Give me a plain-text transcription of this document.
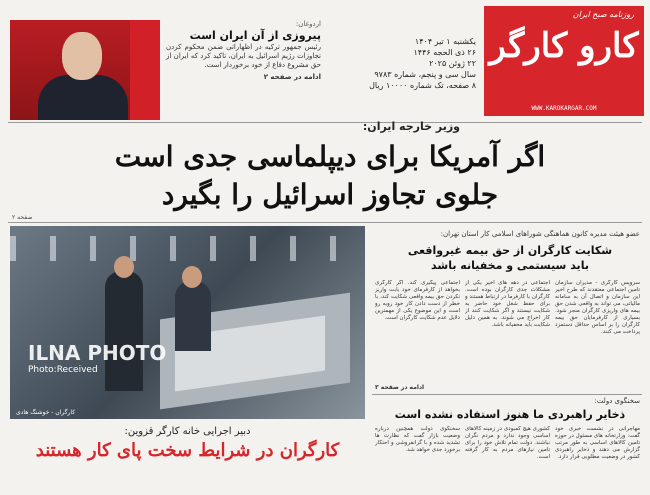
روزنامه صبح ایران
کارو کارگر
WWW.KAROKARGAR.COM
یکشنبه ۱ تیر ۱۴۰۴
۲۶ ذی الحجه ۱۴۴۶
۲۲ ژوئن ۲۰۲۵
سال سی و پنجم، شماره ۹۷۸۳
۸ صفحه، تک شماره ۱۰۰۰۰ ریال
اردوغان:
پیروزی از آن ایران است
رئیس جمهور ترکیه در اظهاراتی ضمن محکوم کردن تجاوزات رژیم اسرائیل به ایران، تاکید کرد که ایران از حق مشروع دفاع از خود برخوردار است.
ادامه در صفحه ۲
وزیر خارجه ایران:
اگر آمریکا برای دیپلماسی جدی است
جلوی تجاوز اسرائیل را بگیرد
صفحه ۲
ILNA PHOTO
Photo:Received
کارگران - خوشنگ هادی
عضو هیئت مدیره کانون هماهنگی شوراهای اسلامی کار استان تهران:
شکایت کارگران از حق بیمه غیرواقعی
باید سیستمی و مخفیانه باشد
سرویس کارگری - مدیران سازمان تامین اجتماعی معتقدند که طرح اخیر این سازمان و اتصال آن به سامانه مالیاتی، می تواند به واقعی شدن حق بیمه های واریزی کارگران منجر شود. بسیاری از کارفرمایان حق بیمه کارگران را بر اساس حداقل دستمزد پرداخت می کنند.
اجتماعی در دهه های اخیر یکی از مشکلات جدی کارگران بوده است. کارگران با کارفرما در ارتباط هستند و برای حفظ شغل خود حاضر به شکایت نیستند و اگر شکایت کنند از کار اخراج می شوند. به همین دلیل شکایت باید مخفیانه باشد.
اجتماعی پیگیری کند. اگر کارگری بخواهد از کارفرمای خود بابت واریز نکردن حق بیمه واقعی شکایت کند، با خطر از دست دادن کار خود روبه رو است و این موضوع یکی از مهمترین دلایل عدم شکایت کارگران است.
ادامه در صفحه ۳
سخنگوی دولت:
ذخایر راهبردی ما هنوز استفاده نشده است
مهاجرانی در نشست خبری خود گفت: وزارتخانه های مسئول در حوزه تامین کالاهای اساسی به طور مرتب گزارش می دهند و ذخایر راهبردی کشور در وضعیت مطلوبی قرار دارد.
کشوری هیچ کمبودی در زمینه کالاهای اساسی وجود ندارد و مردم نگران نباشند. دولت تمام تلاش خود را برای تامین نیازهای مردم به کار گرفته است.
سخنگوی دولت همچنین درباره وضعیت بازار گفت که نظارت ها تشدید شده و با گرانفروشی و احتکار برخورد جدی خواهد شد.
دبیر اجرایی خانه کارگر قزوین:
کارگران در شرایط سخت پای کار هستند
